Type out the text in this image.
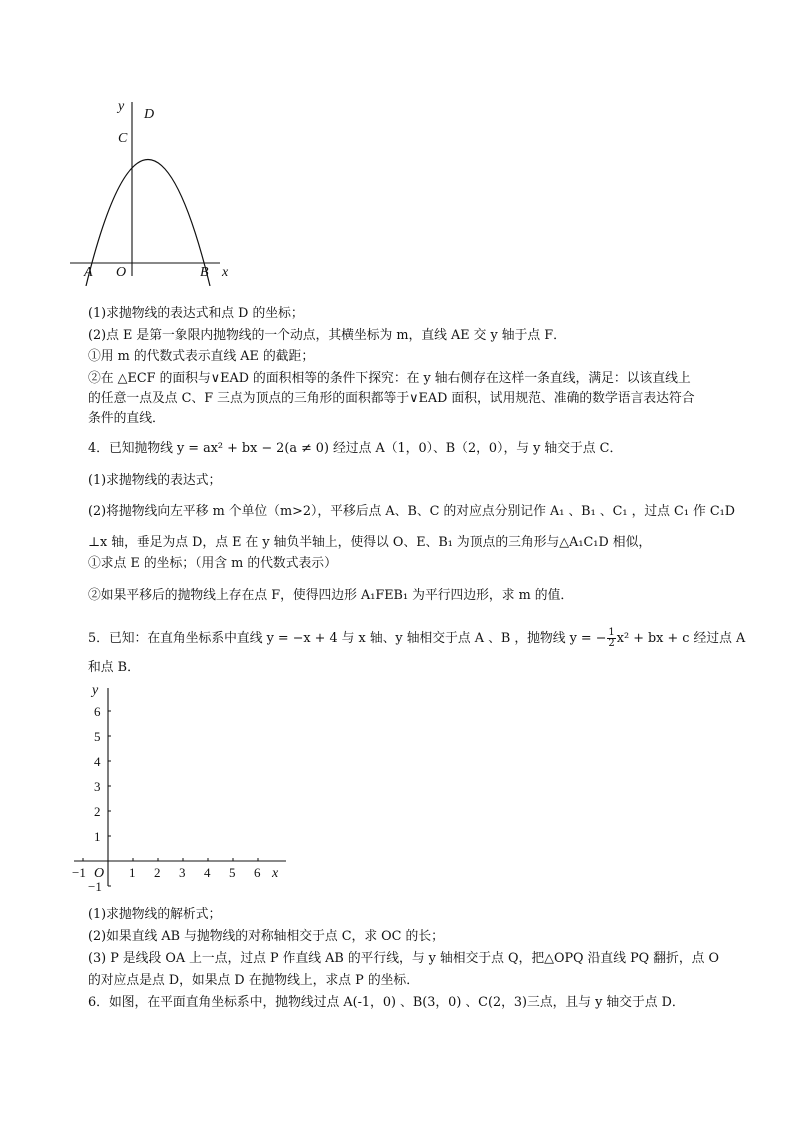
y
D
C
A O	B x
(1)求抛物线的表达式和点 D 的坐标；
(2)点 E 是第一象限内抛物线的一个动点，其横坐标为 m，直线 AE 交 y 轴于点 F．
①用 m 的代数式表示直线 AE 的截距；
②在 △ECF 的面积与∨EAD 的面积相等的条件下探究：在 y 轴右侧存在这样一条直线，满足：以该直线上
的任意一点及点 C、F 三点为顶点的三角形的面积都等于∨EAD 面积，试用规范、准确的数学语言表达符合
条件的直线．
4．已知抛物线 y = ax² + bx − 2(a ≠ 0) 经过点 A（1，0）、B（2，0），与 y 轴交于点 C．
(1)求抛物线的表达式；
(2)将抛物线向左平移 m 个单位（m>2），平移后点 A、B、C 的对应点分别记作 A₁ 、B₁ 、C₁ ，过点 C₁ 作 C₁D
⊥x 轴，垂足为点 D，点 E 在 y 轴负半轴上，使得以 O、E、B₁ 为顶点的三角形与△A₁C₁D 相似，
①求点 E 的坐标；（用含 m 的代数式表示）
②如果平移后的抛物线上存在点 F，使得四边形 A₁FEB₁ 为平行四边形，求 m 的值．
5．已知：在直角坐标系中直线 y = −x + 4 与 x 轴、y 轴相交于点 A 、B ，抛物线 y = − $\frac{1}{2} x^2$ + bx + c 经过点 A
和点 B．
y
x
O
−1	1 2 3 4 5 6
6
5
4
3
2
1
−1
(1)求抛物线的解析式；
(2)如果直线 AB 与抛物线的对称轴相交于点 C，求 OC 的长；
(3) P 是线段 OA 上一点，过点 P 作直线 AB 的平行线，与 y 轴相交于点 Q，把△OPQ 沿直线 PQ 翻折，点 O
的对应点是点 D，如果点 D 在抛物线上，求点 P 的坐标．
6．如图，在平面直角坐标系中，抛物线过点 A(-1，0) 、B(3，0) 、C(2，3)三点，且与 y 轴交于点 D．
